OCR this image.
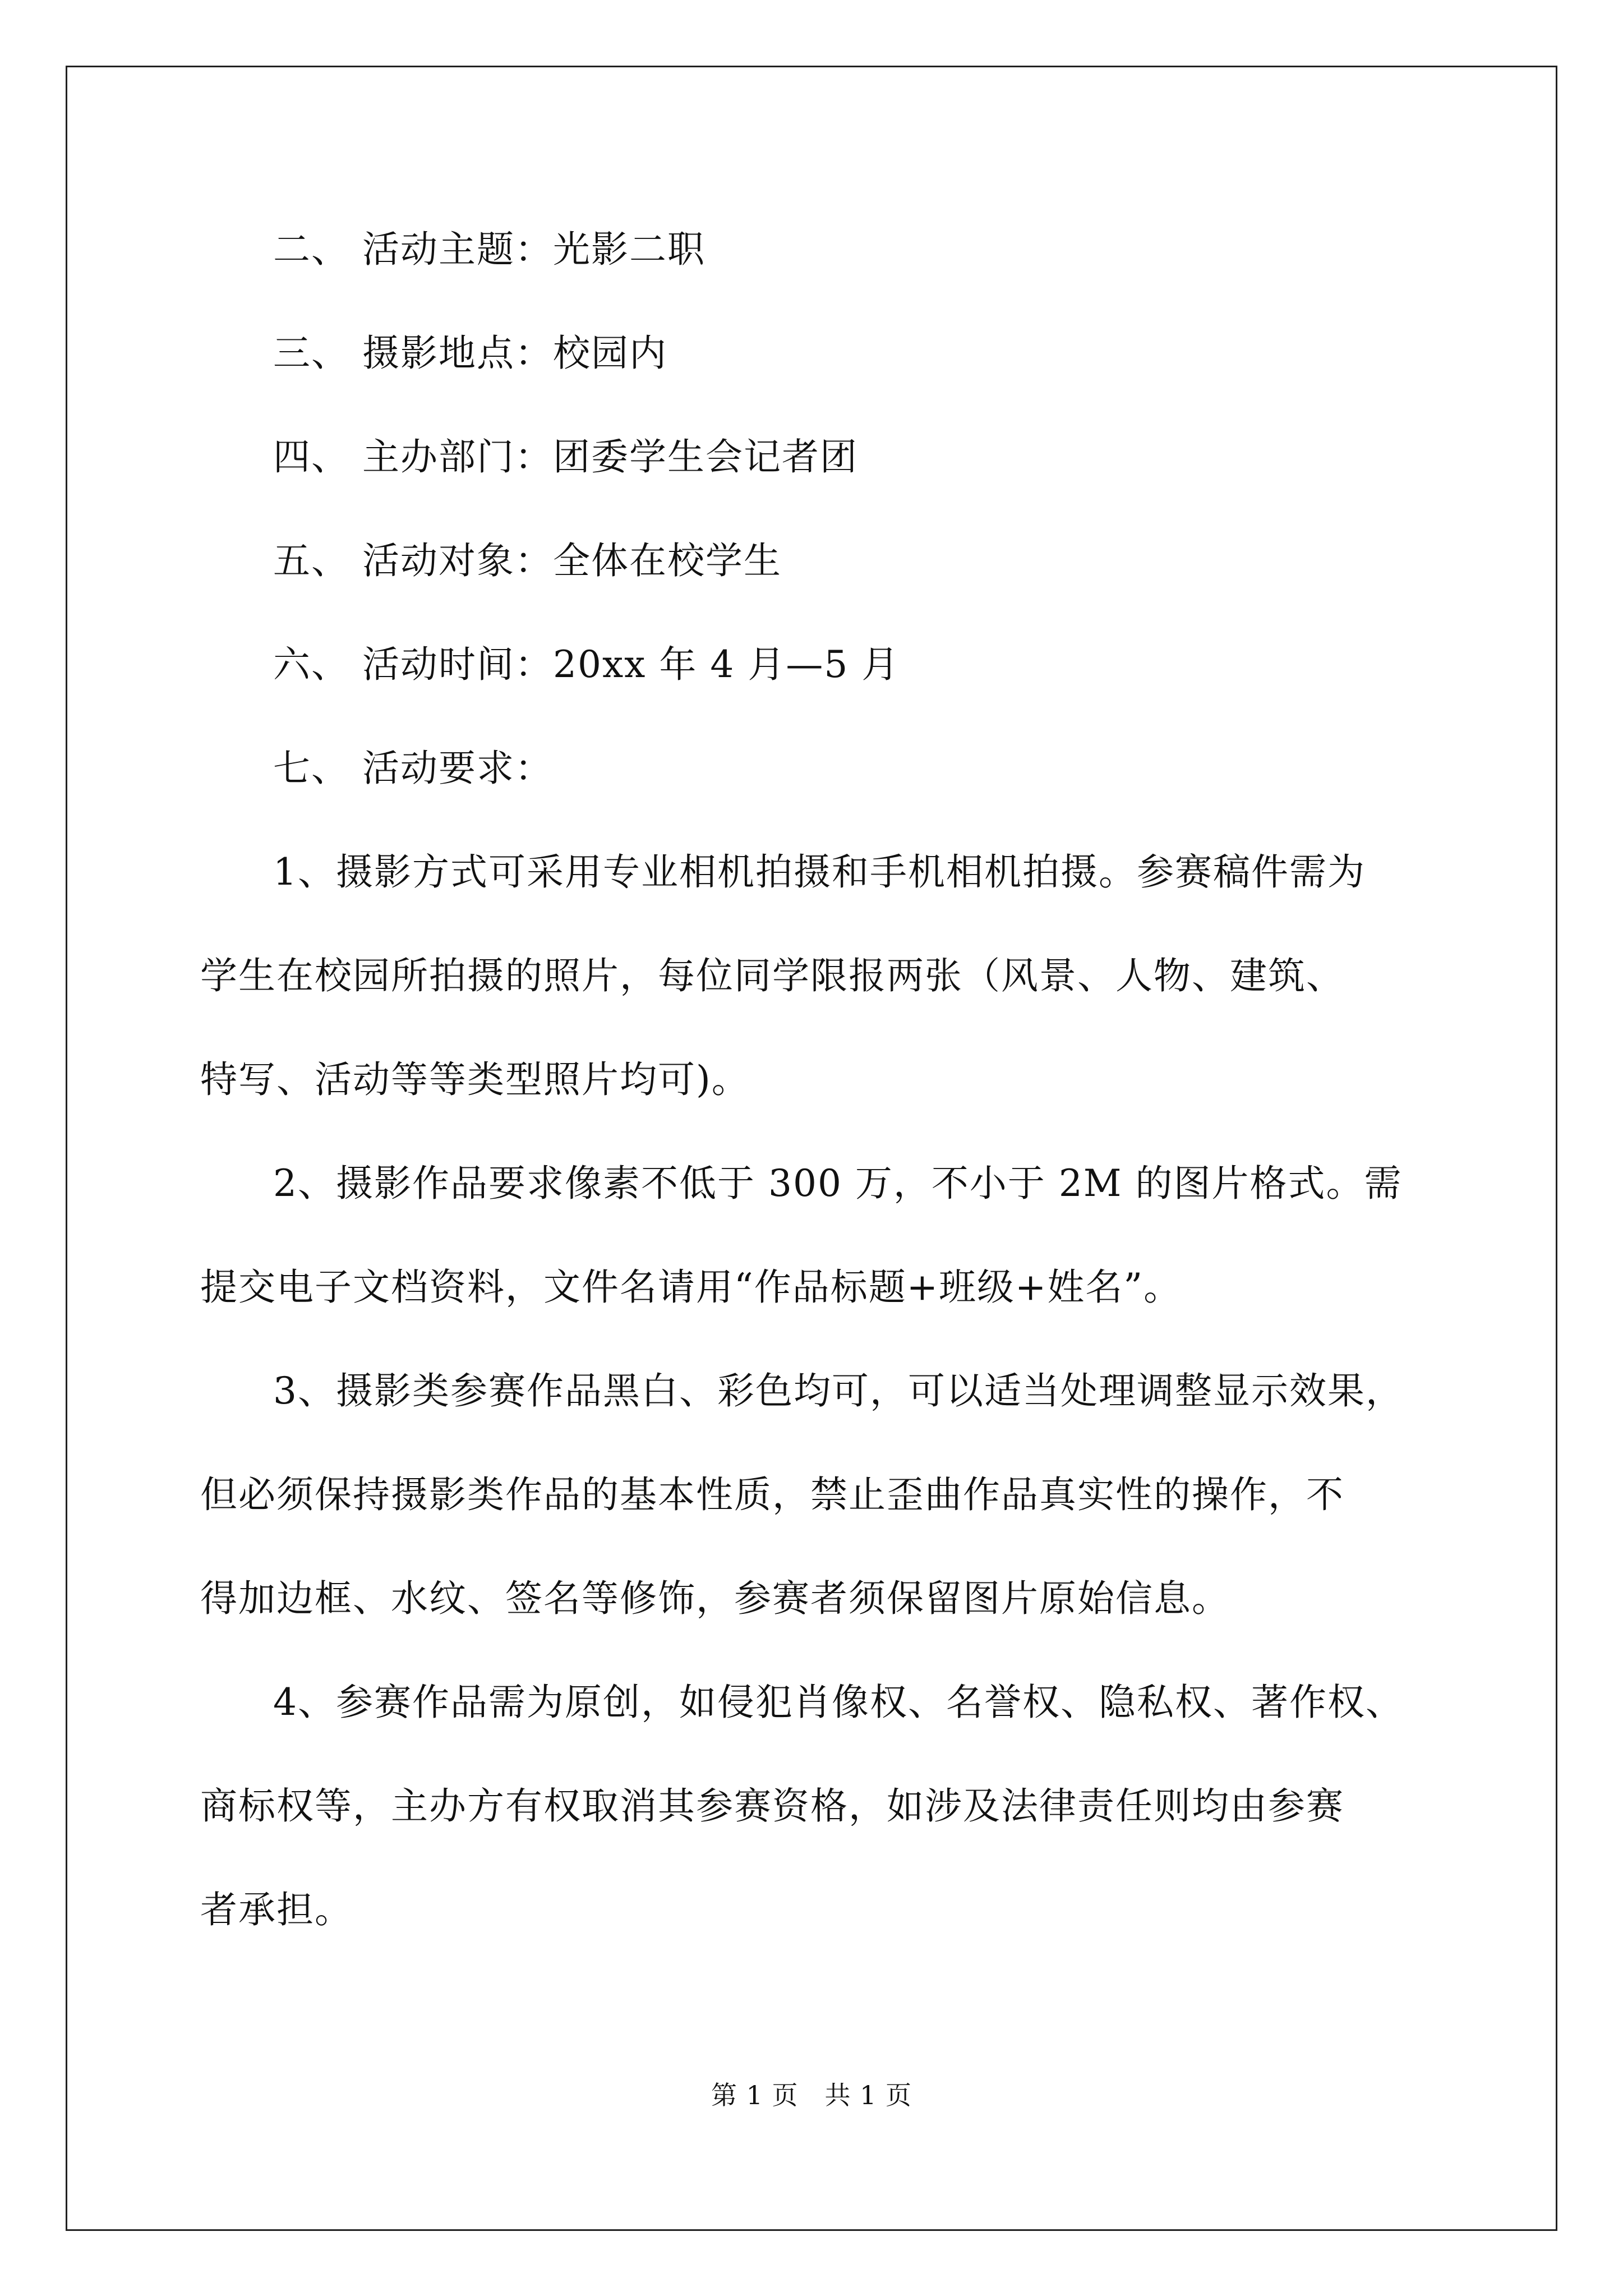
二、 活动主题：光影二职
三、 摄影地点：校园内
四、 主办部门：团委学生会记者团
五、 活动对象：全体在校学生
六、 活动时间：20xx 年 4 月—5 月
七、 活动要求：
1、摄影方式可采用专业相机拍摄和手机相机拍摄。参赛稿件需为
学生在校园所拍摄的照片，每位同学限报两张（风景、人物、建筑、
特写、活动等等类型照片均可)。
2、摄影作品要求像素不低于 300 万，不小于 2M 的图片格式。需
提交电子文档资料，文件名请用“作品标题+班级+姓名”。
3、摄影类参赛作品黑白、彩色均可，可以适当处理调整显示效果，
但必须保持摄影类作品的基本性质，禁止歪曲作品真实性的操作，不
得加边框、水纹、签名等修饰，参赛者须保留图片原始信息。
4、参赛作品需为原创，如侵犯肖像权、名誉权、隐私权、著作权、
商标权等，主办方有权取消其参赛资格，如涉及法律责任则均由参赛
者承担。
第 1 页　共 1 页
